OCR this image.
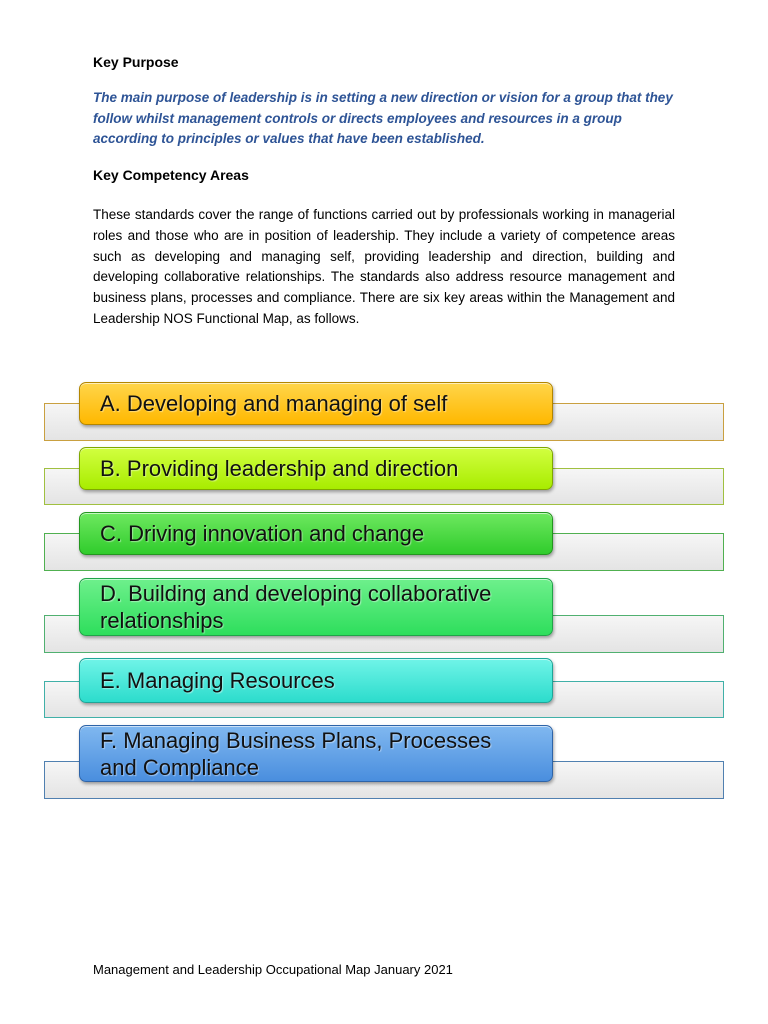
Key Purpose

The main purpose of leadership is in setting a new direction or vision for a group that they follow whilst management controls or directs employees and resources in a group according to principles or values that have been established.

Key Competency Areas

These standards cover the range of functions carried out by professionals working in managerial roles and those who are in position of leadership. They include a variety of competence areas such as developing and managing self, providing leadership and direction, building and developing collaborative relationships. The standards also address resource management and business plans, processes and compliance. There are six key areas within the Management and Leadership NOS Functional Map, as follows.

A. Developing and managing of self
B. Providing leadership and direction
C. Driving innovation and change
D. Building and developing collaborative relationships
E. Managing Resources
F. Managing Business Plans, Processes and Compliance

Management and Leadership Occupational Map January 2021
